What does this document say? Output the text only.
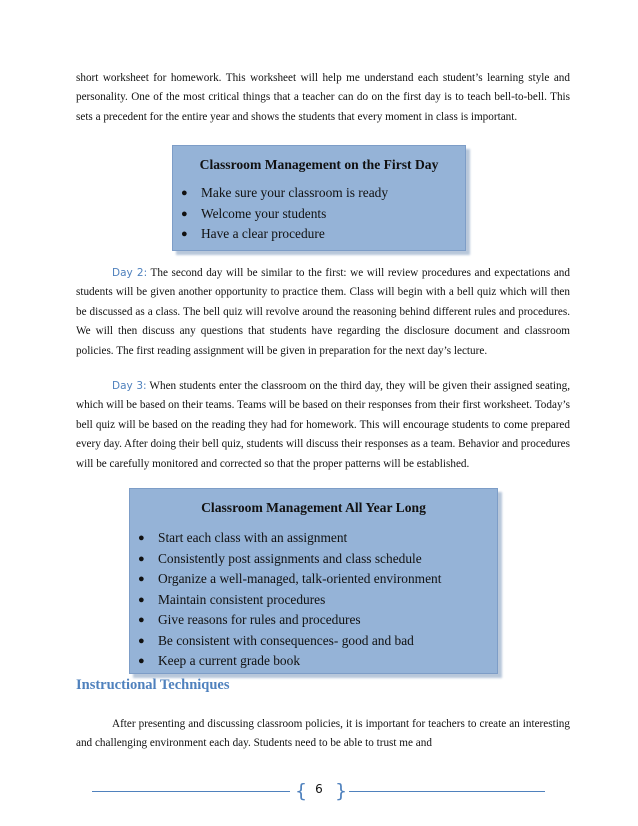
short worksheet for homework. This worksheet will help me understand each student’s learning style and personality. One of the most critical things that a teacher can do on the first day is to teach bell-to-bell. This sets a precedent for the entire year and shows the students that every moment in class is important.

Classroom Management on the First Day

● Make sure your classroom is ready
● Welcome your students
● Have a clear procedure

Day 2: The second day will be similar to the first: we will review procedures and expectations and students will be given another opportunity to practice them. Class will begin with a bell quiz which will then be discussed as a class. The bell quiz will revolve around the reasoning behind different rules and procedures. We will then discuss any questions that students have regarding the disclosure document and classroom policies. The first reading assignment will be given in preparation for the next day’s lecture.

Day 3: When students enter the classroom on the third day, they will be given their assigned seating, which will be based on their teams. Teams will be based on their responses from their first worksheet. Today’s bell quiz will be based on the reading they had for homework. This will encourage students to come prepared every day. After doing their bell quiz, students will discuss their responses as a team. Behavior and procedures will be carefully monitored and corrected so that the proper patterns will be established.

Classroom Management All Year Long

● Start each class with an assignment
● Consistently post assignments and class schedule
● Organize a well-managed, talk-oriented environment
● Maintain consistent procedures
● Give reasons for rules and procedures
● Be consistent with consequences- good and bad
● Keep a current grade book
Instructional Techniques

After presenting and discussing classroom policies, it is important for teachers to create an interesting and challenging environment each day. Students need to be able to trust me and

{ 6 }
